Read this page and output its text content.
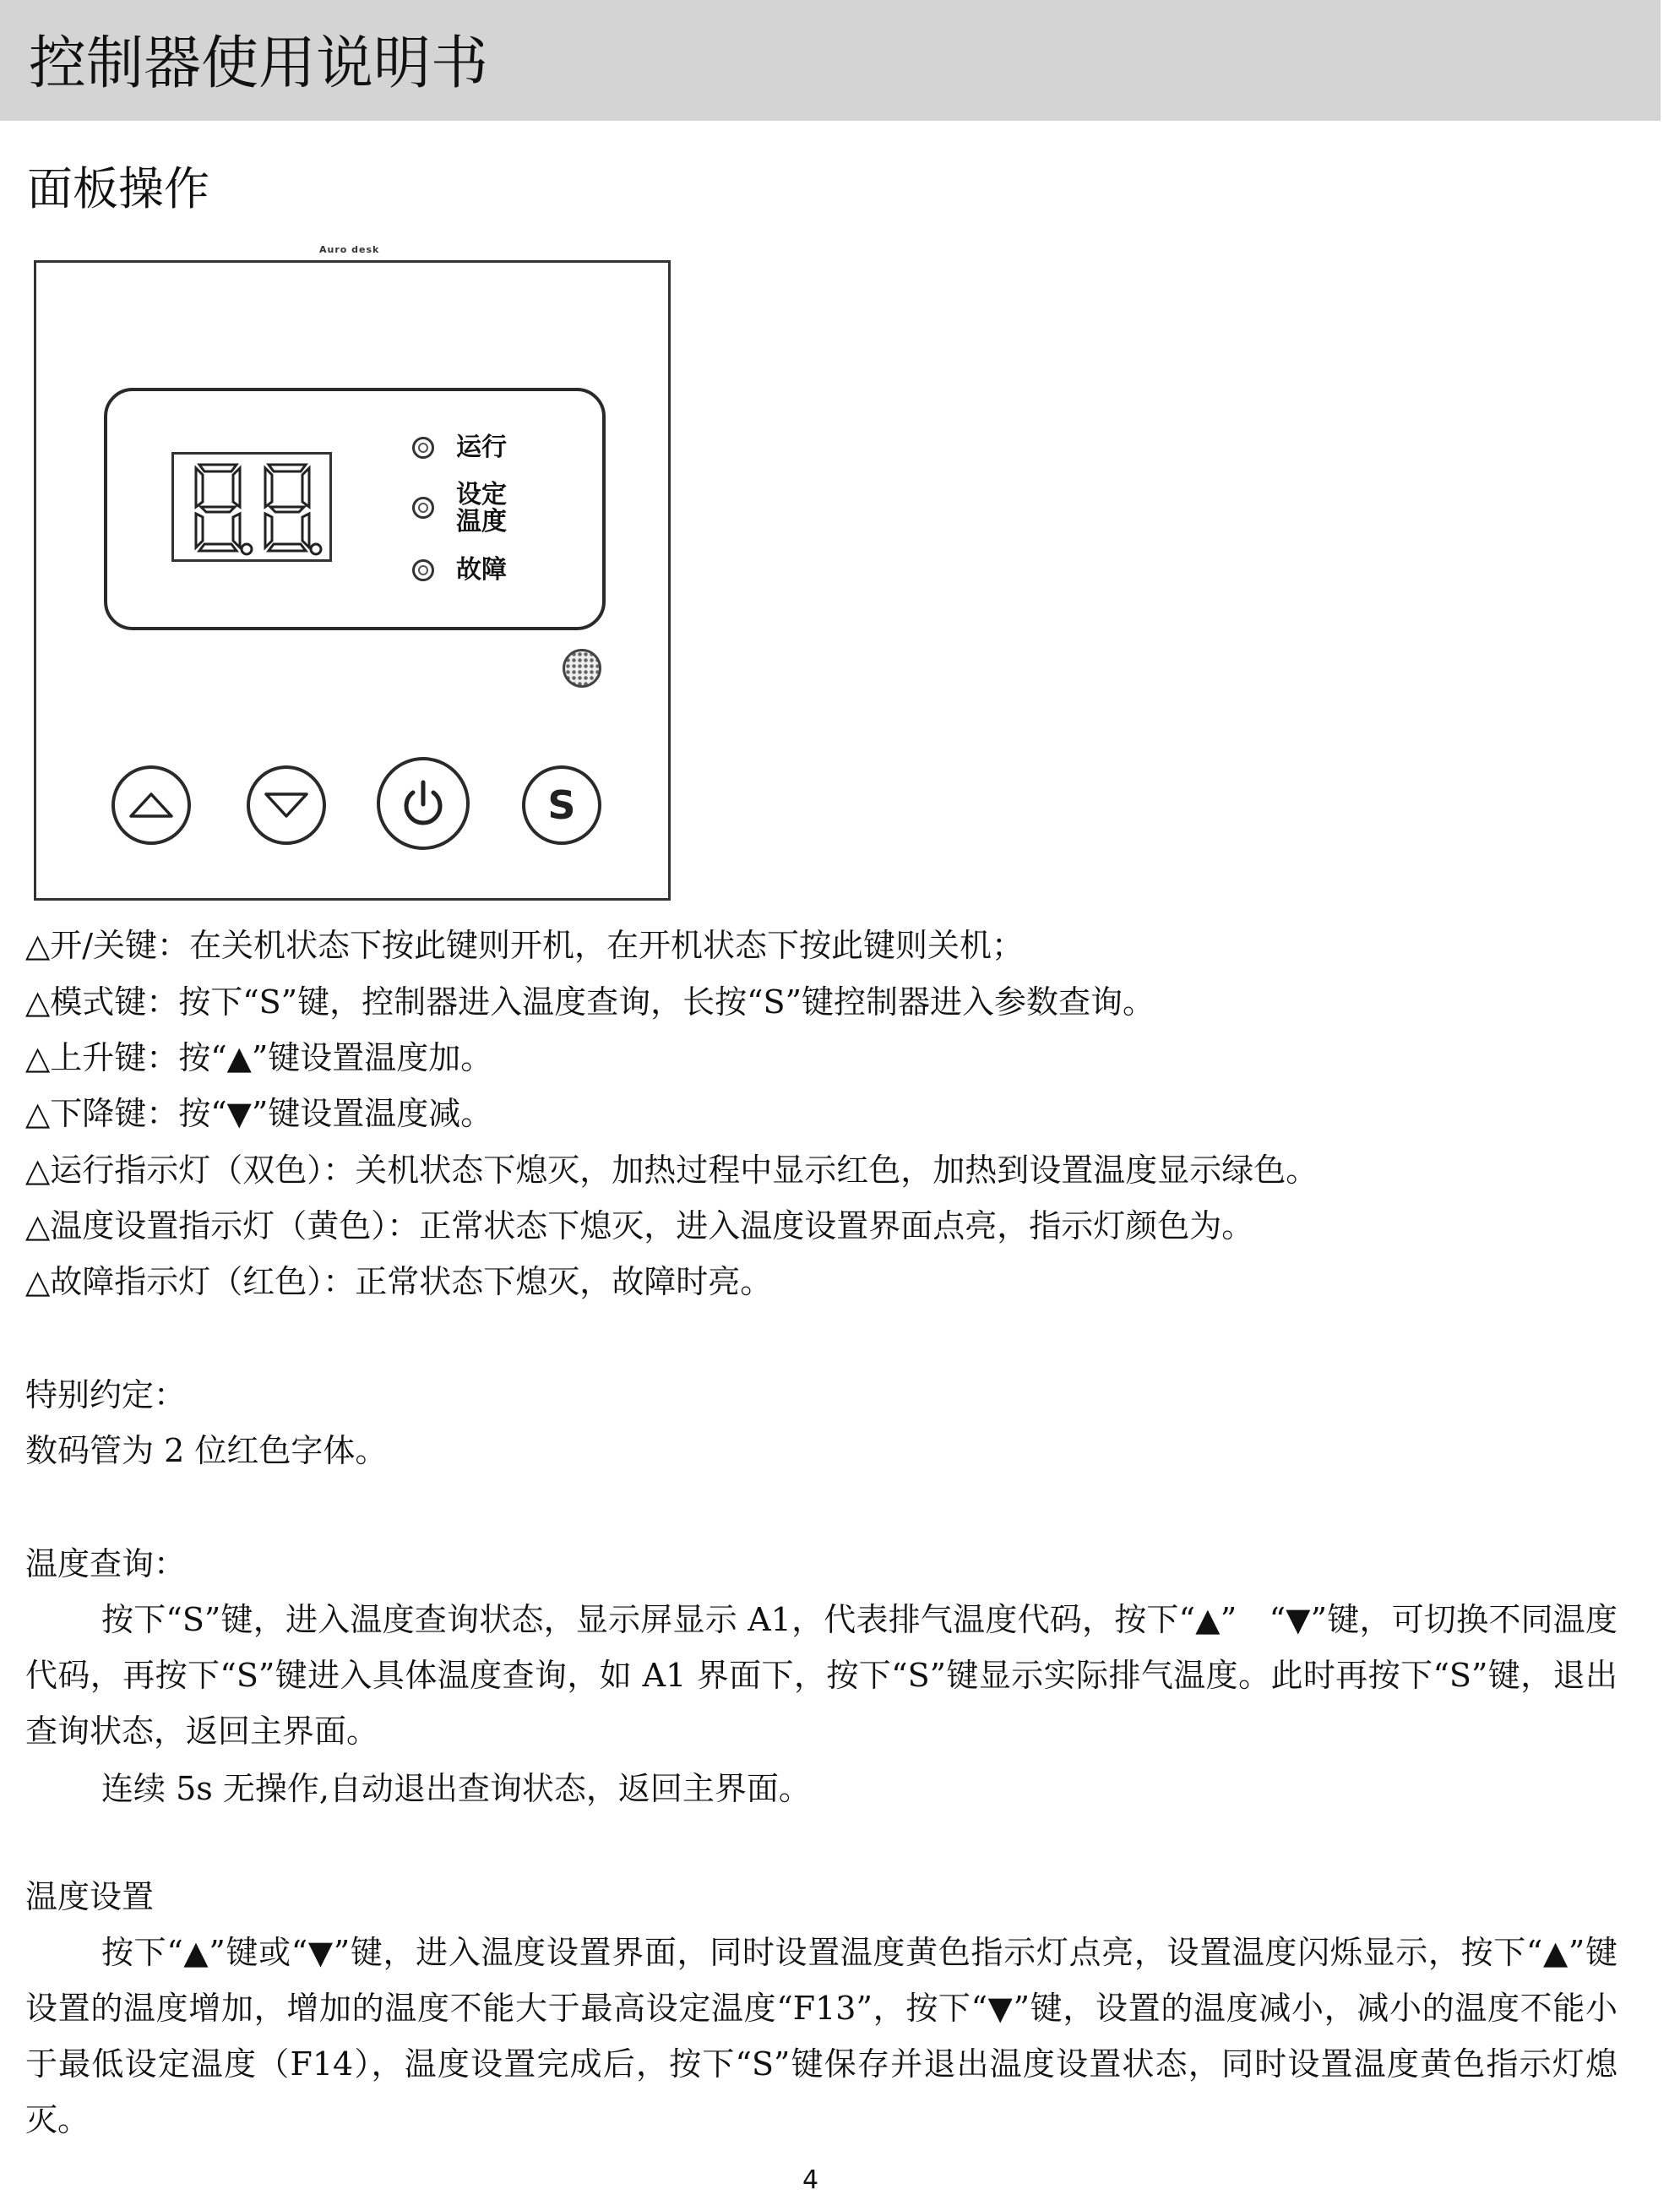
控制器使用说明书
面板操作
Auro desk
运行
设定
温度
故障
S

△开/关键：在关机状态下按此键则开机，在开机状态下按此键则关机；

△模式键：按下“S”键，控制器进入温度查询，长按“S”键控制器进入参数查询。

△上升键：按“▲”键设置温度加。

△下降键：按“▼”键设置温度减。

△运行指示灯（双色）：关机状态下熄灭，加热过程中显示红色，加热到设置温度显示绿色。

△温度设置指示灯（黄色）：正常状态下熄灭，进入温度设置界面点亮，指示灯颜色为。

△故障指示灯（红色）：正常状态下熄灭，故障时亮。

特别约定：

数码管为 2 位红色字体。

温度查询：

按下“S”键，进入温度查询状态，显示屏显示 A1，代表排气温度代码，按下“▲”　“▼”键，可切换不同温度代码，再按下“S”键进入具体温度查询，如 A1 界面下，按下“S”键显示实际排气温度。此时再按下“S”键，退出查询状态，返回主界面。

连续 5s 无操作,自动退出查询状态，返回主界面。

温度设置

按下“▲”键或“▼”键，进入温度设置界面，同时设置温度黄色指示灯点亮，设置温度闪烁显示，按下“▲”键设置的温度增加，增加的温度不能大于最高设定温度“F13”，按下“▼”键，设置的温度减小，减小的温度不能小于最低设定温度（F14），温度设置完成后，按下“S”键保存并退出温度设置状态，同时设置温度黄色指示灯熄灭。

4
